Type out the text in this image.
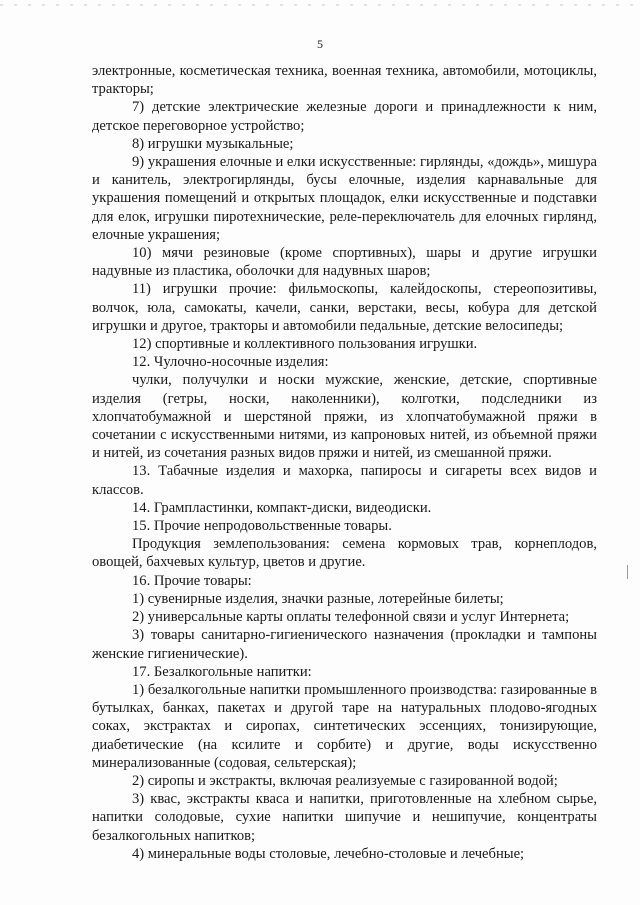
5

электронные, косметическая техника, военная техника, автомобили, мотоциклы, тракторы;

7) детские электрические железные дороги и принадлежности к ним, детское переговорное устройство;

8) игрушки музыкальные;

9) украшения елочные и елки искусственные: гирлянды, «дождь», мишура и канитель, электрогирлянды, бусы елочные, изделия карнавальные для украшения помещений и открытых площадок, елки искусственные и подставки для елок, игрушки пиротехнические, реле-переключатель для елочных гирлянд, елочные украшения;

10) мячи резиновые (кроме спортивных), шары и другие игрушки надувные из пластика, оболочки для надувных шаров;

11) игрушки прочие: фильмоскопы, калейдоскопы, стереопозитивы, волчок, юла, самокаты, качели, санки, верстаки, весы, кобура для детской игрушки и другое, тракторы и автомобили педальные, детские велосипеды;

12) спортивные и коллективного пользования игрушки.

12. Чулочно-носочные изделия:

чулки, получулки и носки мужские, женские, детские, спортивные изделия (гетры, носки, наколенники), колготки, подследники из хлопчатобумажной и шерстяной пряжи, из хлопчатобумажной пряжи в сочетании с искусственными нитями, из капроновых нитей, из объемной пряжи и нитей, из сочетания разных видов пряжи и нитей, из смешанной пряжи.

13. Табачные изделия и махорка, папиросы и сигареты всех видов и классов.

14. Грампластинки, компакт-диски, видеодиски.

15. Прочие непродовольственные товары.

Продукция землепользования: семена кормовых трав, корнеплодов, овощей, бахчевых культур, цветов и другие.

16. Прочие товары:

1) сувенирные изделия, значки разные, лотерейные билеты;

2) универсальные карты оплаты телефонной связи и услуг Интернета;

3) товары санитарно-гигиенического назначения (прокладки и тампоны женские гигиенические).

17. Безалкогольные напитки:

1) безалкогольные напитки промышленного производства: газированные в бутылках, банках, пакетах и другой таре на натуральных плодово-ягодных соках, экстрактах и сиропах, синтетических эссенциях, тонизирующие, диабетические (на ксилите и сорбите) и другие, воды искусственно минерализованные (содовая, сельтерская);

2) сиропы и экстракты, включая реализуемые с газированной водой;

3) квас, экстракты кваса и напитки, приготовленные на хлебном сырье, напитки солодовые, сухие напитки шипучие и нешипучие, концентраты безалкогольных напитков;

4) минеральные воды столовые, лечебно-столовые и лечебные;
